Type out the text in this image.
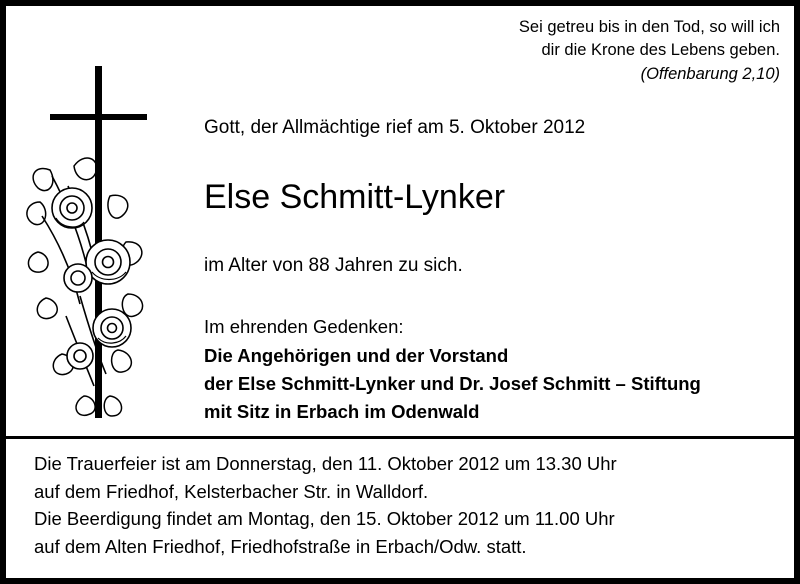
Sei getreu bis in den Tod, so will ich
dir die Krone des Lebens geben.
(Offenbarung 2,10)
Gott, der Allmächtige rief am 5. Oktober 2012
Else Schmitt-Lynker
im Alter von 88 Jahren zu sich.
Im ehrenden Gedenken:
Die Angehörigen und der Vorstand
der Else Schmitt-Lynker und Dr. Josef Schmitt – Stiftung
mit Sitz in Erbach im Odenwald
Die Trauerfeier ist am Donnerstag, den 11. Oktober 2012 um 13.30 Uhr
auf dem Friedhof, Kelsterbacher Str. in Walldorf.
Die Beerdigung findet am Montag, den 15. Oktober 2012 um 11.00 Uhr
auf dem Alten Friedhof, Friedhofstraße in Erbach/Odw. statt.
